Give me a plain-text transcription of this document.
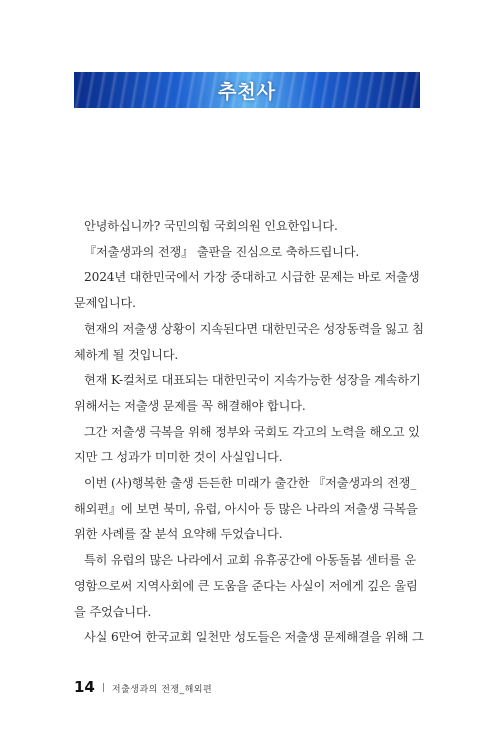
추천사

안녕하십니까? 국민의힘 국회의원 인요한입니다.

『저출생과의 전쟁』 출판을 진심으로 축하드립니다.

2024년 대한민국에서 가장 중대하고 시급한 문제는 바로 저출생 문제입니다.

현재의 저출생 상황이 지속된다면 대한민국은 성장동력을 잃고 침체하게 될 것입니다.

현재 K-컬처로 대표되는 대한민국이 지속가능한 성장을 계속하기 위해서는 저출생 문제를 꼭 해결해야 합니다.

그간 저출생 극복을 위해 정부와 국회도 각고의 노력을 해오고 있지만 그 성과가 미미한 것이 사실입니다.

이번 (사)행복한 출생 든든한 미래가 출간한 『저출생과의 전쟁_해외편』에 보면 북미, 유럽, 아시아 등 많은 나라의 저출생 극복을 위한 사례를 잘 분석 요약해 두었습니다.

특히 유럽의 많은 나라에서 교회 유휴공간에 아동돌봄 센터를 운영함으로써 지역사회에 큰 도움을 준다는 사실이 저에게 깊은 울림을 주었습니다.

사실 6만여 한국교회 일천만 성도들은 저출생 문제해결을 위해 그

14 저출생과의 전쟁_해외편
